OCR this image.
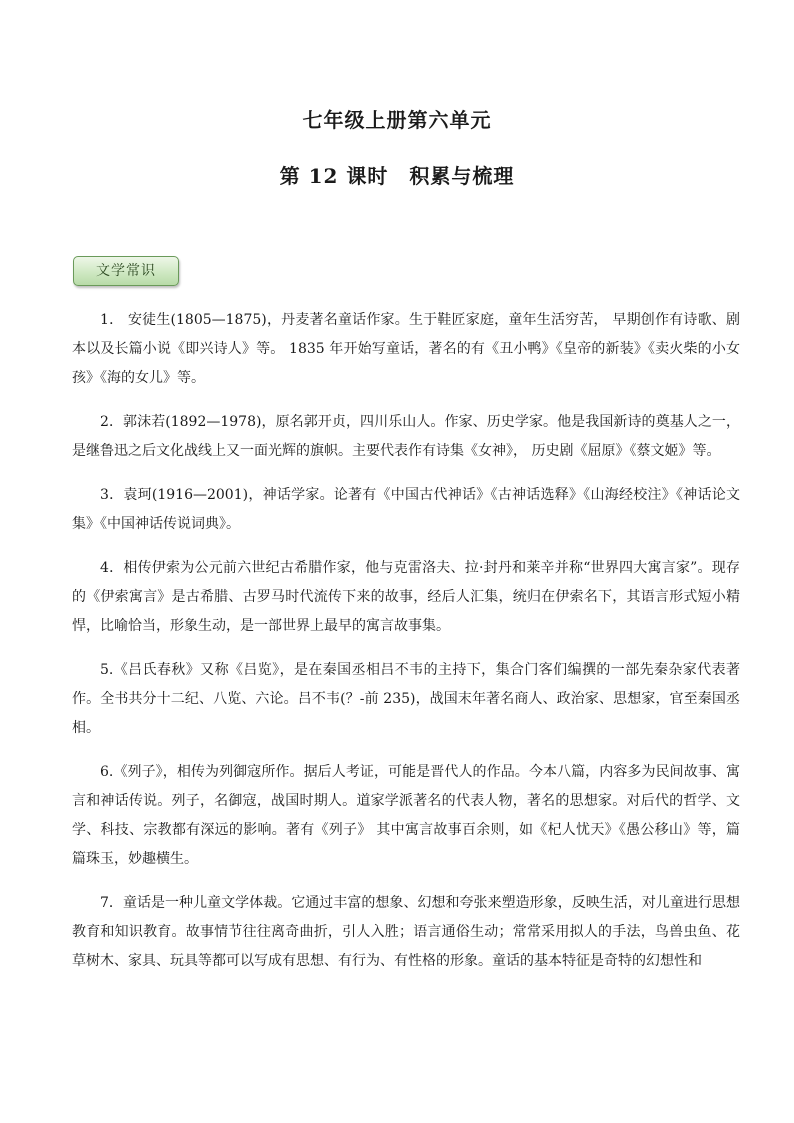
七年级上册第六单元
第 12 课时　积累与梳理
文学常识

1． 安徒生(1805—1875)，丹麦著名童话作家。生于鞋匠家庭，童年生活穷苦， 早期创作有诗歌、剧本以及长篇小说《即兴诗人》等。 1835 年开始写童话，著名的有《丑小鸭》《皇帝的新装》《卖火柴的小女孩》《海的女儿》等。

2．郭沫若(1892—1978)，原名郭开贞，四川乐山人。作家、历史学家。他是我国新诗的奠基人之一，是继鲁迅之后文化战线上又一面光辉的旗帜。主要代表作有诗集《女神》， 历史剧《屈原》《蔡文姬》等。

3．袁珂(1916—2001)，神话学家。论著有《中国古代神话》《古神话选释》《山海经校注》《神话论文集》《中国神话传说词典》。

4．相传伊索为公元前六世纪古希腊作家，他与克雷洛夫、拉·封丹和莱辛并称“世界四大寓言家”。现存的《伊索寓言》是古希腊、古罗马时代流传下来的故事，经后人汇集，统归在伊索名下，其语言形式短小精悍，比喻恰当，形象生动，是一部世界上最早的寓言故事集。

5.《吕氏春秋》又称《吕览》，是在秦国丞相吕不韦的主持下，集合门客们编撰的一部先秦杂家代表著作。全书共分十二纪、八览、六论。吕不韦(？-前 235)，战国末年著名商人、政治家、思想家，官至秦国丞相。

6.《列子》，相传为列御寇所作。据后人考证，可能是晋代人的作品。今本八篇，内容多为民间故事、寓言和神话传说。列子，名御寇，战国时期人。道家学派著名的代表人物，著名的思想家。对后代的哲学、文学、科技、宗教都有深远的影响。著有《列子》 其中寓言故事百余则，如《杞人忧天》《愚公移山》等，篇篇珠玉，妙趣横生。

7．童话是一种儿童文学体裁。它通过丰富的想象、幻想和夸张来塑造形象，反映生活，对儿童进行思想教育和知识教育。故事情节往往离奇曲折，引人入胜；语言通俗生动；常常采用拟人的手法，鸟兽虫鱼、花草树木、家具、玩具等都可以写成有思想、有行为、有性格的形象。童话的基本特征是奇特的幻想性和
